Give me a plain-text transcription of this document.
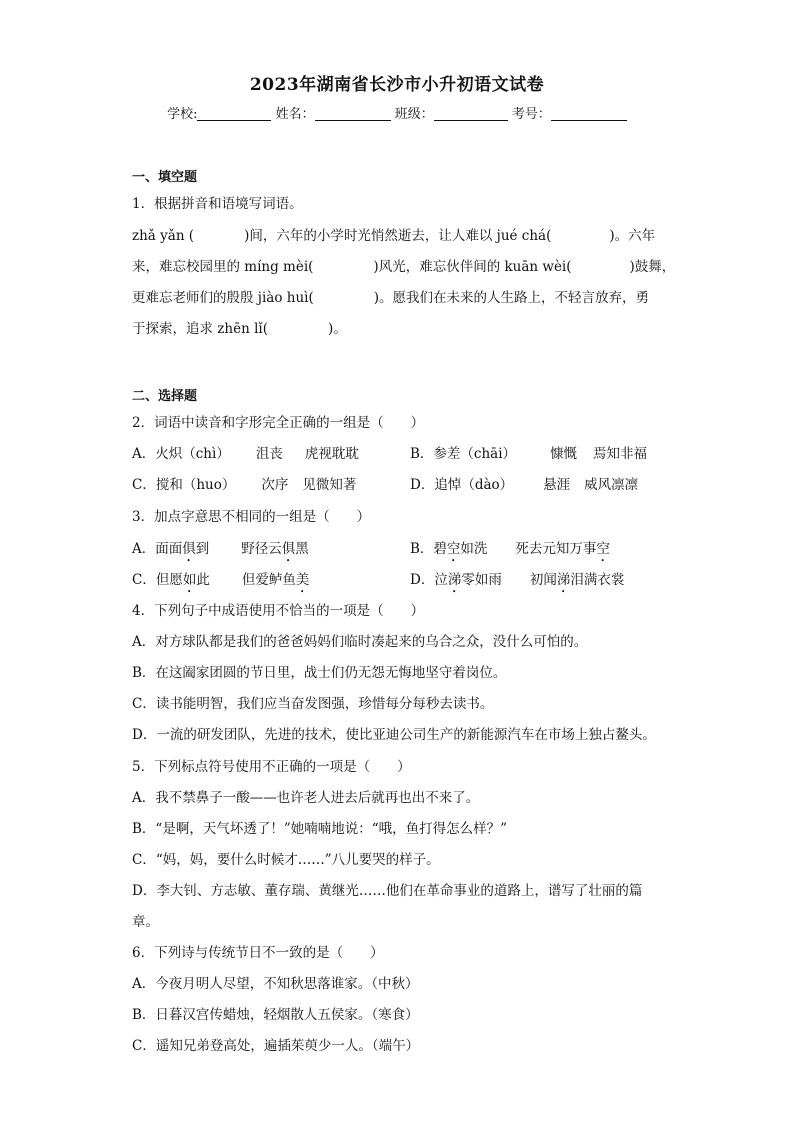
2023年湖南省长沙市小升初语文试卷
学校:	姓名：	班级：	考号：
一、填空题
1．根据拼音和语境写词语。
zhǎ yǎn (	)间，六年的小学时光悄然逝去，让人难以 jué chá(	)。六年
来，难忘校园里的 míng mèi(	)风光，难忘伙伴间的 kuān wèi(	)鼓舞，
更难忘老师们的殷殷 jiào huì(	)。愿我们在未来的人生路上，不轻言放弃，勇
于探索，追求 zhēn lǐ(	)。
二、选择题
2．词语中读音和字形完全正确的一组是（　　）
A．火炽（chì） 沮丧 虎视耽耽	B．参差（chāi）	慷慨 焉知非福
C．搅和（huo） 次序 见微知著	D．追悼（dào） 悬涯 威风凛凛
3．加点字意思不相同的一组是（　　）
A．面面俱到 野径云俱黑	B．碧空如洗 死去元知万事空
C．但愿如此 但爱鲈鱼美	D．泣涕零如雨 初闻涕泪满衣裳
4．下列句子中成语使用不恰当的一项是（　　）
A．对方球队都是我们的爸爸妈妈们临时凑起来的乌合之众，没什么可怕的。
B．在这阖家团圆的节日里，战士们仍无怨无悔地坚守着岗位。
C．读书能明智，我们应当奋发图强，珍惜每分每秒去读书。
D．一流的研发团队，先进的技术，使比亚迪公司生产的新能源汽车在市场上独占鳌头。
5．下列标点符号使用不正确的一项是（　　）
A．我不禁鼻子一酸——也许老人进去后就再也出不来了。
B．“是啊，天气坏透了！”她喃喃地说：“哦，鱼打得怎么样？”
C．“妈，妈，要什么时候才……”八儿要哭的样子。
D．李大钊、方志敏、董存瑞、黄继光……他们在革命事业的道路上，谱写了壮丽的篇
章。
6．下列诗与传统节日不一致的是（　　）
A．今夜月明人尽望，不知秋思落谁家。（中秋）
B．日暮汉宫传蜡烛，轻烟散人五侯家。（寒食）
C．遥知兄弟登高处，遍插茱萸少一人。（端午）
